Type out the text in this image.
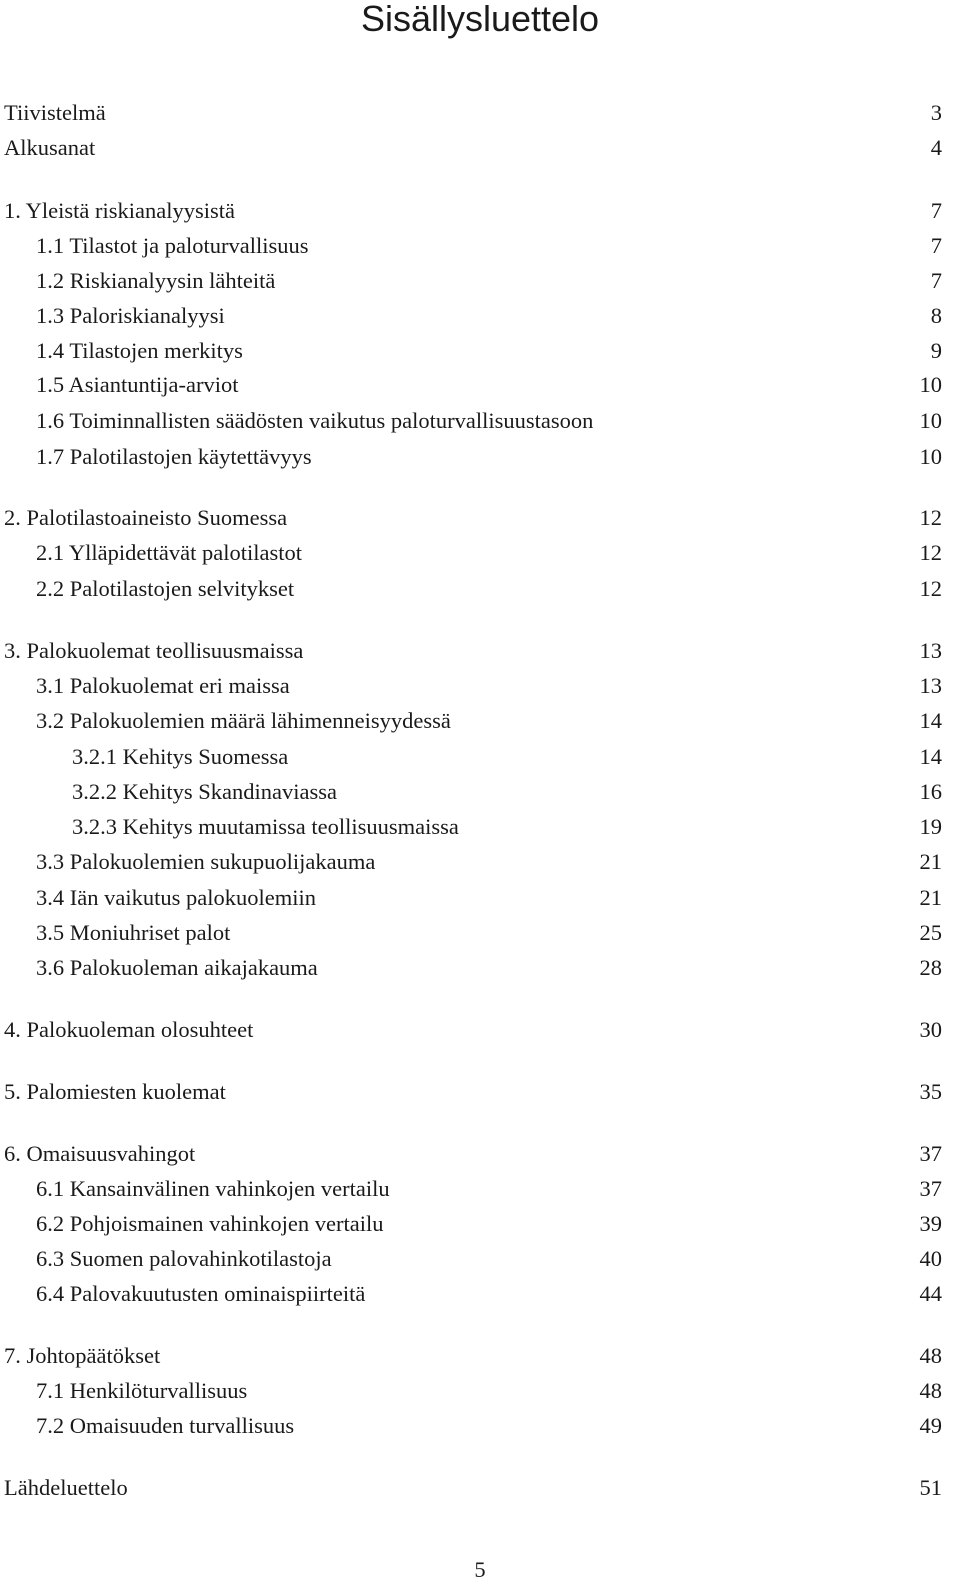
Sisällysluettelo
Tiivistelmä	3
Alkusanat	4
1. Yleistä riskianalyysistä	7
1.1 Tilastot ja paloturvallisuus	7
1.2 Riskianalyysin lähteitä	7
1.3 Paloriskianalyysi	8
1.4 Tilastojen merkitys	9
1.5 Asiantuntija-arviot	10
1.6 Toiminnallisten säädösten vaikutus paloturvallisuustasoon	10
1.7 Palotilastojen käytettävyys	10
2. Palotilastoaineisto Suomessa	12
2.1 Ylläpidettävät palotilastot	12
2.2 Palotilastojen selvitykset	12
3. Palokuolemat teollisuusmaissa	13
3.1 Palokuolemat eri maissa	13
3.2 Palokuolemien määrä lähimenneisyydessä	14
3.2.1 Kehitys Suomessa	14
3.2.2 Kehitys Skandinaviassa	16
3.2.3 Kehitys muutamissa teollisuusmaissa	19
3.3 Palokuolemien sukupuolijakauma	21
3.4 Iän vaikutus palokuolemiin	21
3.5 Moniuhriset palot	25
3.6 Palokuoleman aikajakauma	28
4. Palokuoleman olosuhteet	30
5. Palomiesten kuolemat	35
6. Omaisuusvahingot	37
6.1 Kansainvälinen vahinkojen vertailu	37
6.2 Pohjoismainen vahinkojen vertailu	39
6.3 Suomen palovahinkotilastoja	40
6.4 Palovakuutusten ominaispiirteitä	44
7. Johtopäätökset	48
7.1 Henkilöturvallisuus	48
7.2 Omaisuuden turvallisuus	49
Lähdeluettelo	51
5
